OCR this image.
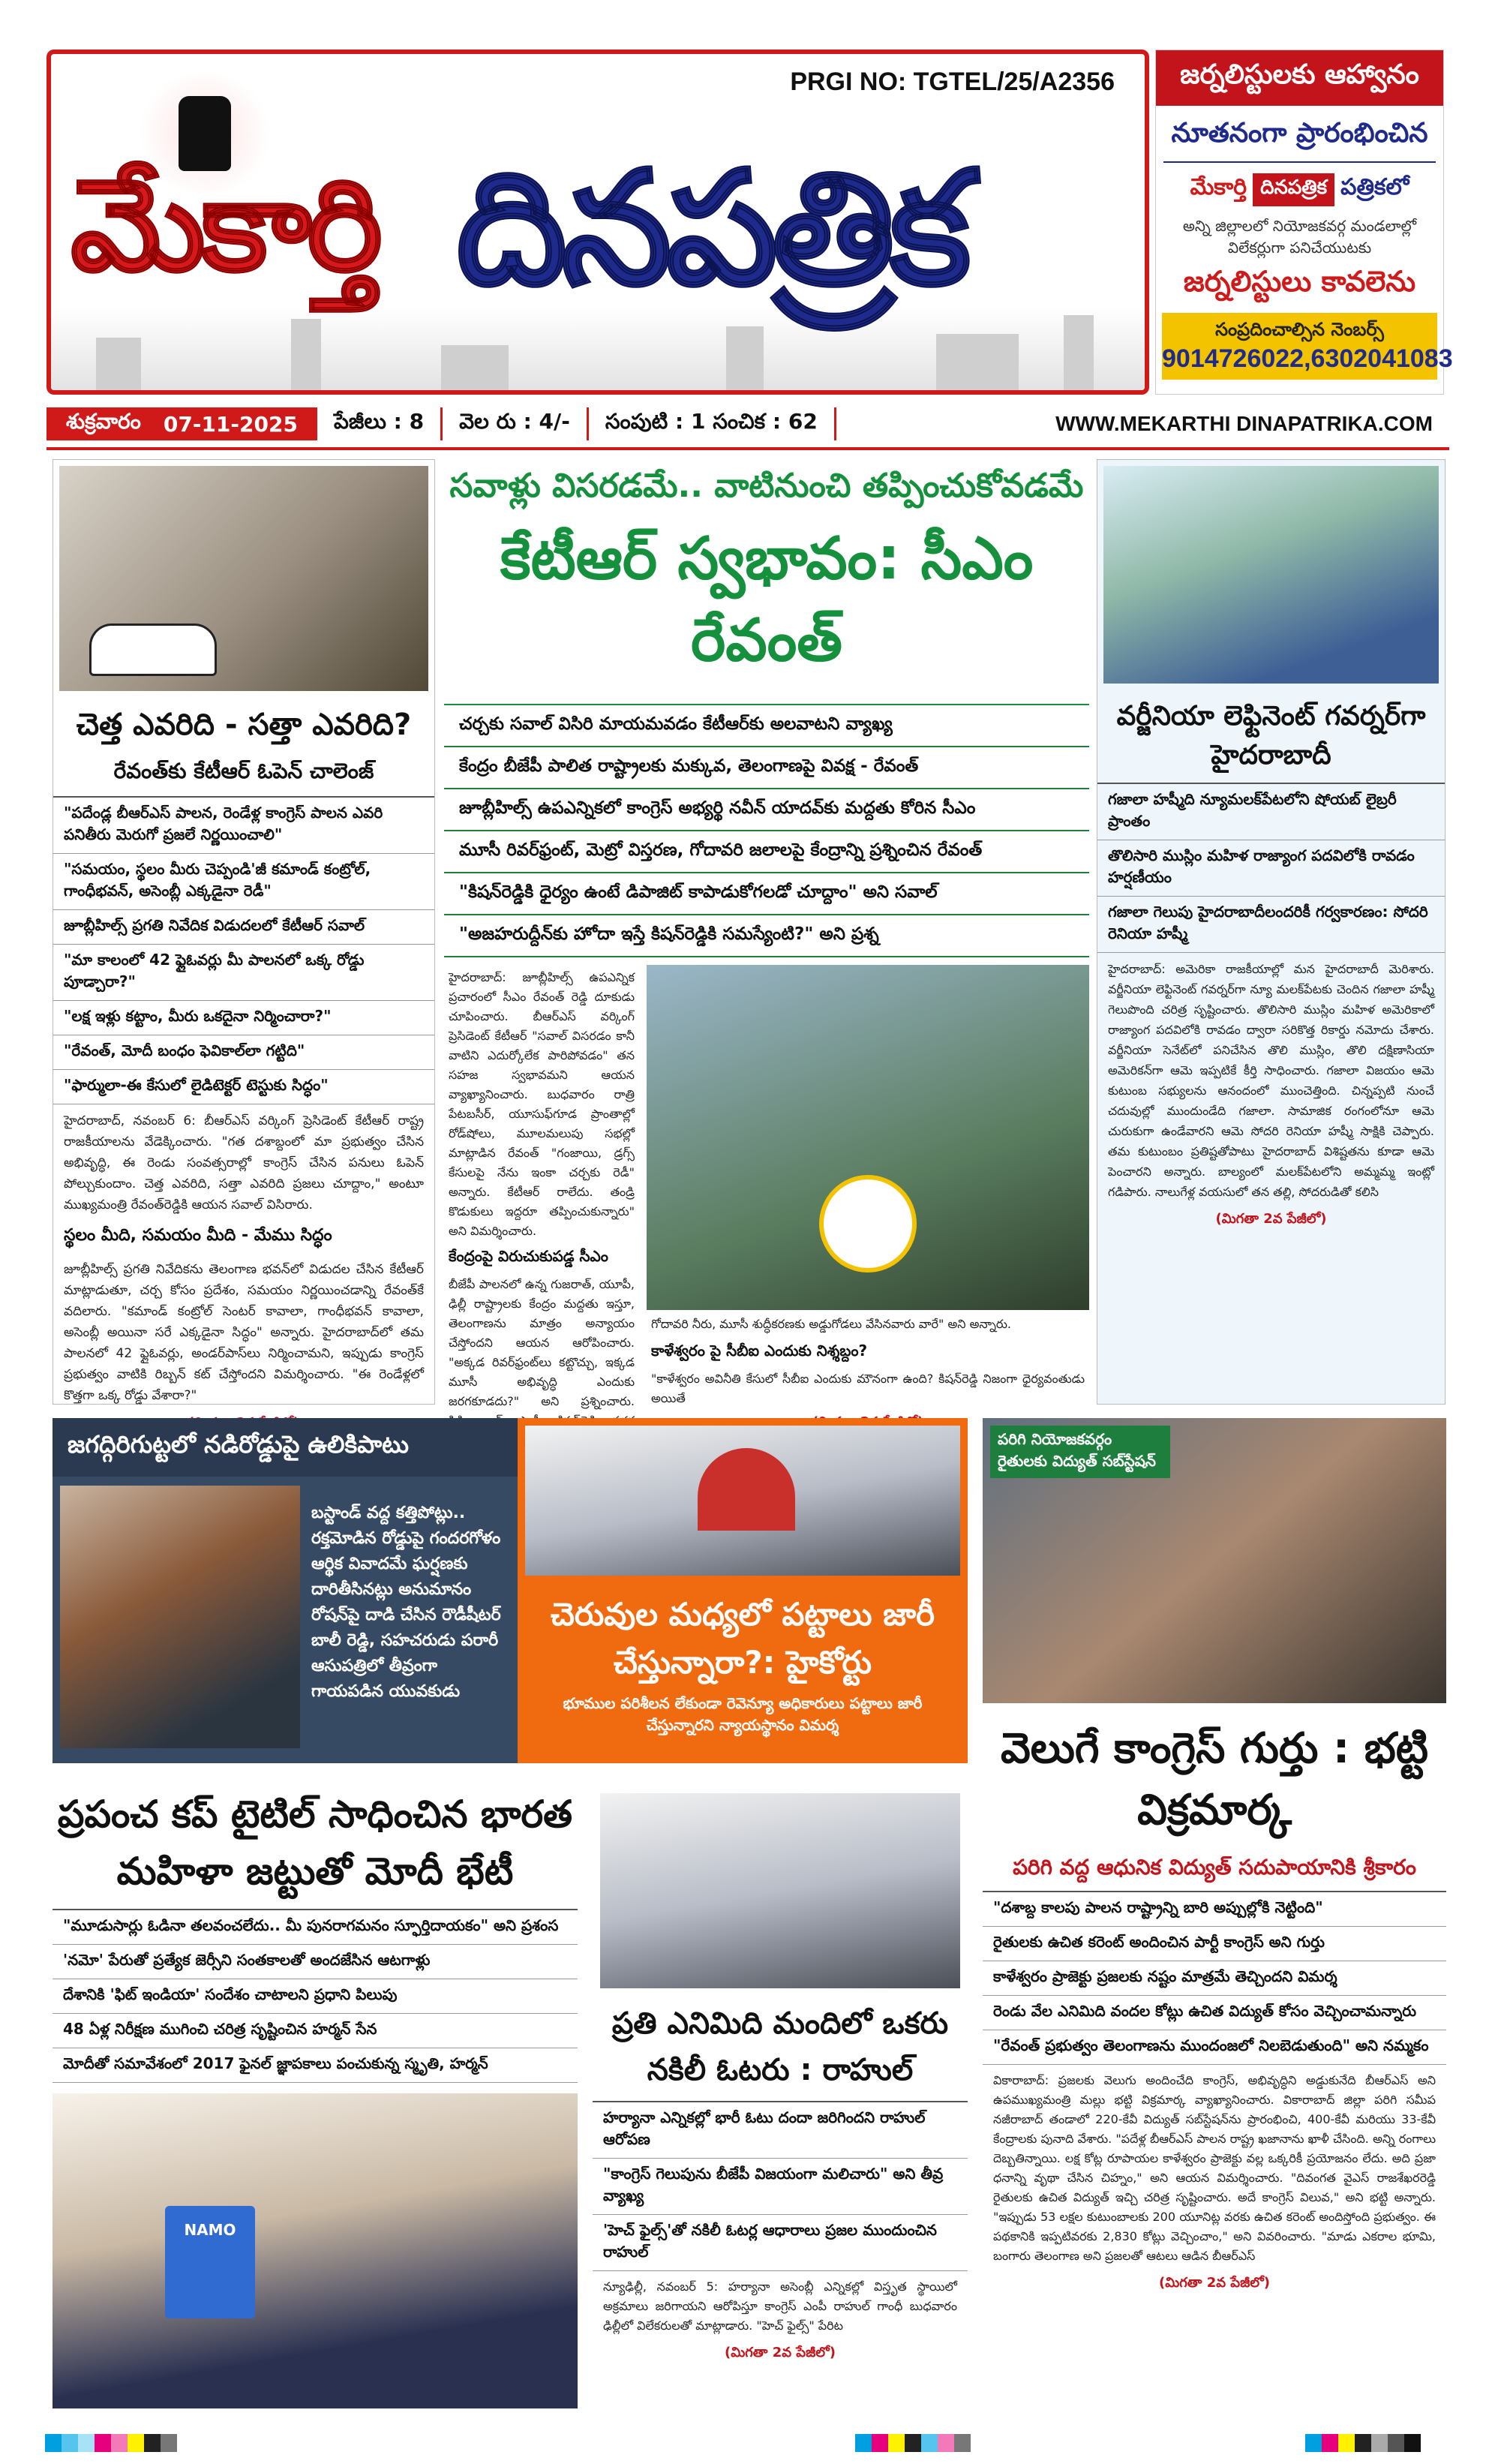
PRGI NO: TGTEL/25/A2356
మేకార్తి దినపత్రిక
జర్నలిస్టులకు ఆహ్వానం
నూతనంగా ప్రారంభించిన
మేకార్తి దినపత్రిక పత్రికలో
అన్ని జిల్లాలలో నియోజకవర్గ మండలాల్లో విలేకర్లుగా పనిచేయుటకు
జర్నలిస్టులు కావలెను
సంప్రదించాల్సిన నెంబర్స్
9014726022,6302041083
శుక్రవారం 07-11-2025	పేజీలు : 8	వెల రు : 4/-	సంపుటి : 1 సంచిక : 62	WWW.MEKARTHI DINAPATRIKA.COM
చెత్త ఎవరిది - సత్తా ఎవరిది?
రేవంత్‌కు కేటీఆర్ ఓపెన్ చాలెంజ్
"పదేండ్ల బీఆర్ఎస్ పాలన, రెండేళ్ల కాంగ్రెస్ పాలన ఎవరి పనితీరు మెరుగో ప్రజలే నిర్ణయించాలి"
"సమయం, స్థలం మీరు చెప్పండి'జీ కమాండ్ కంట్రోల్, గాంధీభవన్, అసెంబ్లీ ఎక్కడైనా రెడీ"
జూబ్లీహిల్స్ ప్రగతి నివేదిక విడుదలలో కేటీఆర్ సవాల్
"మా కాలంలో 42 ఫ్లైఓవర్లు మీ పాలనలో ఒక్క రోడ్డు పూడ్చారా?"
"లక్ష ఇళ్లు కట్టాం, మీరు ఒకదైనా నిర్మించారా?"
"రేవంత్, మోదీ బంధం ఫెవికాల్‌లా గట్టిది"
"ఫార్ములా-ఈ కేసులో లైడిటెక్టర్ టెస్టుకు సిద్ధం"
హైదరాబాద్, నవంబర్ 6: బీఆర్ఎస్ వర్కింగ్ ప్రెసిడెంట్ కేటీఆర్ రాష్ట్ర రాజకీయాలను వేడెక్కించారు. "గత దశాబ్దంలో మా ప్రభుత్వం చేసిన అభివృద్ధి, ఈ రెండు సంవత్సరాల్లో కాంగ్రెస్ చేసిన పనులు ఓపెన్ పోల్చుకుందాం. చెత్త ఎవరిది, సత్తా ఎవరిది ప్రజలు చూద్దాం," అంటూ ముఖ్యమంత్రి రేవంత్‌రెడ్డికి ఆయన సవాల్ విసిరారు.
స్థలం మీది, సమయం మీది - మేము సిద్ధం
జూబ్లీహిల్స్ ప్రగతి నివేదికను తెలంగాణ భవన్‌లో విడుదల చేసిన కేటీఆర్ మాట్లాడుతూ, చర్చ కోసం ప్రదేశం, సమయం నిర్ణయించడాన్ని రేవంత్‌కే వదిలారు. "కమాండ్ కంట్రోల్ సెంటర్ కావాలా, గాంధీభవన్ కావాలా, అసెంబ్లీ అయినా సరే ఎక్కడైనా సిద్ధం" అన్నారు. హైదరాబాద్‌లో తమ పాలనలో 42 ఫ్లైఓవర్లు, అండర్‌పాస్‌లు నిర్మించామని, ఇప్పుడు కాంగ్రెస్ ప్రభుత్వం వాటికి రిబ్బన్ కట్ చేస్తోందని విమర్శించారు. "ఈ రెండేళ్లలో కొత్తగా ఒక్క రోడ్డు వేశారా?"
సవాళ్లు విసరడమే.. వాటినుంచి తప్పించుకోవడమే
కేటీఆర్ స్వభావం: సీఎం రేవంత్
చర్చకు సవాల్ విసిరి మాయమవడం కేటీఆర్‌కు అలవాటని వ్యాఖ్య
కేంద్రం బీజేపీ పాలిత రాష్ట్రాలకు మక్కువ, తెలంగాణపై వివక్ష - రేవంత్
జూబ్లీహిల్స్ ఉపఎన్నికలో కాంగ్రెస్ అభ్యర్థి నవీన్ యాదవ్‌కు మద్దతు కోరిన సీఎం
మూసీ రివర్‌ఫ్రంట్, మెట్రో విస్తరణ, గోదావరి జలాలపై కేంద్రాన్ని ప్రశ్నించిన రేవంత్
"కిషన్‌రెడ్డికి ధైర్యం ఉంటే డిపాజిట్ కాపాడుకోగలడో చూద్దాం" అని సవాల్
"అజహరుద్దీన్‌కు హోదా ఇస్తే కిషన్‌రెడ్డికి సమస్యేంటి?" అని ప్రశ్న
హైదరాబాద్: జూబ్లీహిల్స్ ఉపఎన్నిక ప్రచారంలో సీఎం రేవంత్ రెడ్డి దూకుడు చూపించారు. బీఆర్ఎస్ వర్కింగ్ ప్రెసిడెంట్ కేటీఆర్ "సవాల్ విసరడం కానీ వాటిని ఎదుర్కోలేక పారిపోవడం" తన సహజ స్వభావమని ఆయన వ్యాఖ్యానించారు. బుధవారం రాత్రి పేటబసీర్, యూసుఫ్‌గూడ ప్రాంతాల్లో రోడ్‌షోలు, మూలమలుపు సభల్లో మాట్లాడిన రేవంత్ "గంజాయి, డ్రగ్స్ కేసులపై నేను ఇంకా చర్చకు రెడీ" అన్నారు. కేటీఆర్ రాలేదు. తండ్రి కొడుకులు ఇద్దరూ తప్పించుకున్నారు" అని విమర్శించారు.
కేంద్రంపై విరుచుకుపడ్డ సీఎం
బీజేపీ పాలనలో ఉన్న గుజరాత్, యూపీ, ఢిల్లీ రాష్ట్రాలకు కేంద్రం మద్దతు ఇస్తూ, తెలంగాణను మాత్రం అన్యాయం చేస్తోందని ఆయన ఆరోపించారు. "అక్కడ రివర్‌ఫ్రంట్‌లు కట్టొచ్చు, ఇక్కడ మూసీ అభివృద్ధి ఎందుకు జరగకూడదు?" అని ప్రశ్నించారు.
గోదావరి నీరు, మూసీ శుద్ధీకరణకు అడ్డుగోడలు వేసినవారు వారే" అని అన్నారు.
కాళేశ్వరం పై సీబీఐ ఎందుకు నిశ్శబ్దం?
"కాళేశ్వరం అవినీతి కేసులో సీబీఐ ఎందుకు మౌనంగా ఉంది? కిషన్‌రెడ్డి నిజంగా ధైర్యవంతుడు అయితే
వర్జీనియా లెఫ్టినెంట్ గవర్నర్‌గా హైదరాబాదీ
గజాలా హష్మీది న్యూమలక్‌పేటలోని షోయబ్ లైబ్రరీ ప్రాంతం
తొలిసారి ముస్లిం మహిళ రాజ్యాంగ పదవిలోకి రావడం హర్షణీయం
గజాలా గెలుపు హైదరాబాదీలందరికీ గర్వకారణం: సోదరి రెనియా హష్మీ
హైదరాబాద్: అమెరికా రాజకీయాల్లో మన హైదరాబాదీ మెరిశారు. వర్జీనియా లెఫ్టినెంట్ గవర్నర్‌గా న్యూ మలక్‌పేటకు చెందిన గజాలా హష్మీ గెలుపొంది చరిత్ర సృష్టించారు. తొలిసారి ముస్లిం మహిళ అమెరికాలో రాజ్యాంగ పదవిలోకి రావడం ద్వారా సరికొత్త రికార్డు నమోదు చేశారు. వర్జీనియా సెనేట్‌లో పనిచేసిన తొలి ముస్లిం, తొలి దక్షిణాసియా అమెరికన్‌గా ఆమె ఇప్పటికే కీర్తి సాధించారు. గజాలా విజయం ఆమె కుటుంబ సభ్యులను ఆనందంలో ముంచెత్తింది. చిన్నప్పటి నుంచే చదువుల్లో ముందుండేది గజాలా. సామాజిక రంగంలోనూ ఆమె చురుకుగా ఉండేవారని ఆమె సోదరి రెనియా హష్మీ సాక్షికి చెప్పారు. తమ కుటుంబం ప్రతిష్టతోపాటు హైదరాబాద్ విశిష్టతను కూడా ఆమె పెంచారని అన్నారు. బాల్యంలో మలక్‌పేటలోని అమ్మమ్మ ఇంట్లో గడిపారు. నాలుగేళ్ల వయసులో తన తల్లి, సోదరుడితో కలిసి
(మిగతా 2వ పేజీలో)
జగద్గిరిగుట్టలో నడిరోడ్డుపై ఉలికిపాటు
బస్టాండ్ వద్ద కత్తిపోట్లు..
రక్తమోడిన రోడ్డుపై గందరగోళం
ఆర్థిక వివాదమే ఘర్షణకు దారితీసినట్లు అనుమానం
రోషన్‌పై దాడి చేసిన రౌడీషీటర్ బాలీ రెడ్డి, సహచరుడు పరారీ
ఆసుపత్రిలో తీవ్రంగా గాయపడిన యువకుడు
చెరువుల మధ్యలో పట్టాలు జారీ చేస్తున్నారా?: హైకోర్టు
భూముల పరిశీలన లేకుండా రెవెన్యూ అధికారులు పట్టాలు జారీ చేస్తున్నారని న్యాయస్థానం విమర్శ
పరిగి నియోజకవర్గం రైతులకు విద్యుత్ సబ్‌స్టేషన్
వెలుగే కాంగ్రెస్ గుర్తు : భట్టి విక్రమార్క
పరిగి వద్ద ఆధునిక విద్యుత్ సదుపాయానికి శ్రీకారం
"దశాబ్ద కాలపు పాలన రాష్ట్రాన్ని బారి అప్పుల్లోకి నెట్టింది"
రైతులకు ఉచిత కరెంట్ అందించిన పార్టీ కాంగ్రెస్ అని గుర్తు
కాళేశ్వరం ప్రాజెక్టు ప్రజలకు నష్టం మాత్రమే తెచ్చిందని విమర్శ
రెండు వేల ఎనిమిది వందల కోట్లు ఉచిత విద్యుత్ కోసం వెచ్చించామన్నారు
"రేవంత్ ప్రభుత్వం తెలంగాణను ముందంజలో నిలబెడుతుంది" అని నమ్మకం
వికారాబాద్: ప్రజలకు వెలుగు అందించేది కాంగ్రెస్, అభివృద్ధిని అడ్డుకునేది బీఆర్ఎస్ అని ఉపముఖ్యమంత్రి మల్లు భట్టి విక్రమార్క వ్యాఖ్యానించారు. వికారాబాద్ జిల్లా పరిగి సమీప నజీరాబాద్ తండాలో 220-కేవీ విద్యుత్ సబ్‌స్టేషన్‌ను ప్రారంభించి, 400-కేవీ మరియు 33-కేవీ కేంద్రాలకు పునాది వేశారు. "పదేళ్ల బీఆర్ఎస్ పాలన రాష్ట్ర ఖజానాను ఖాళీ చేసింది. అన్ని రంగాలు దెబ్బతిన్నాయి. లక్ష కోట్ల రూపాయల కాళేశ్వరం ప్రాజెక్టు వల్ల ఒక్కరికీ ప్రయోజనం లేదు. అది ప్రజా ధనాన్ని వృథా చేసిన చిహ్నం," అని ఆయన విమర్శించారు. "దివంగత వైఎస్ రాజశేఖరరెడ్డి రైతులకు ఉచిత విద్యుత్ ఇచ్చి చరిత్ర సృష్టించారు. అదే కాంగ్రెస్ విలువ," అని భట్టి అన్నారు. "ఇప్పుడు 53 లక్షల కుటుంబాలకు 200 యూనిట్ల వరకు ఉచిత కరెంట్ అందిస్తోంది ప్రభుత్వం. ఈ పథకానికి ఇప్పటివరకు 2,830 కోట్లు వెచ్చించాం," అని వివరించారు. "మాడు ఎకరాల భూమి, బంగారు తెలంగాణ అని ప్రజలతో ఆటలు ఆడిన బీఆర్ఎస్
(మిగతా 2వ పేజీలో)
ప్రపంచ కప్ టైటిల్ సాధించిన భారత మహిళా జట్టుతో మోదీ భేటీ
"మూడుసార్లు ఓడినా తలవంచలేదు.. మీ పునరాగమనం స్ఫూర్తిదాయకం" అని ప్రశంస
'నమో' పేరుతో ప్రత్యేక జెర్సీని సంతకాలతో అందజేసిన ఆటగాళ్లు
దేశానికి 'ఫిట్ ఇండియా' సందేశం చాటాలని ప్రధాని పిలుపు
48 ఏళ్ల నిరీక్షణ ముగించి చరిత్ర సృష్టించిన హర్మన్ సేన
మోదీతో సమావేశంలో 2017 ఫైనల్ జ్ఞాపకాలు పంచుకున్న స్మృతి, హర్మన్
NAMO
ప్రతి ఎనిమిది మందిలో ఒకరు నకిలీ ఓటరు : రాహుల్
హర్యానా ఎన్నికల్లో భారీ ఓటు దందా జరిగిందని రాహుల్ ఆరోపణ
"కాంగ్రెస్ గెలుపును బీజేపీ విజయంగా మలిచారు" అని తీవ్ర వ్యాఖ్య
'హెచ్ ఫైల్స్'తో నకిలీ ఓటర్ల ఆధారాలు ప్రజల ముందుంచిన రాహుల్
న్యూఢిల్లీ, నవంబర్ 5: హర్యానా అసెంబ్లీ ఎన్నికల్లో విస్తృత స్థాయిలో అక్రమాలు జరిగాయని ఆరోపిస్తూ కాంగ్రెస్ ఎంపీ రాహుల్ గాంధీ బుధవారం ఢిల్లీలో విలేకరులతో మాట్లాడారు. "హెచ్ ఫైల్స్" పేరిట
(మిగతా 2వ పేజీలో)
